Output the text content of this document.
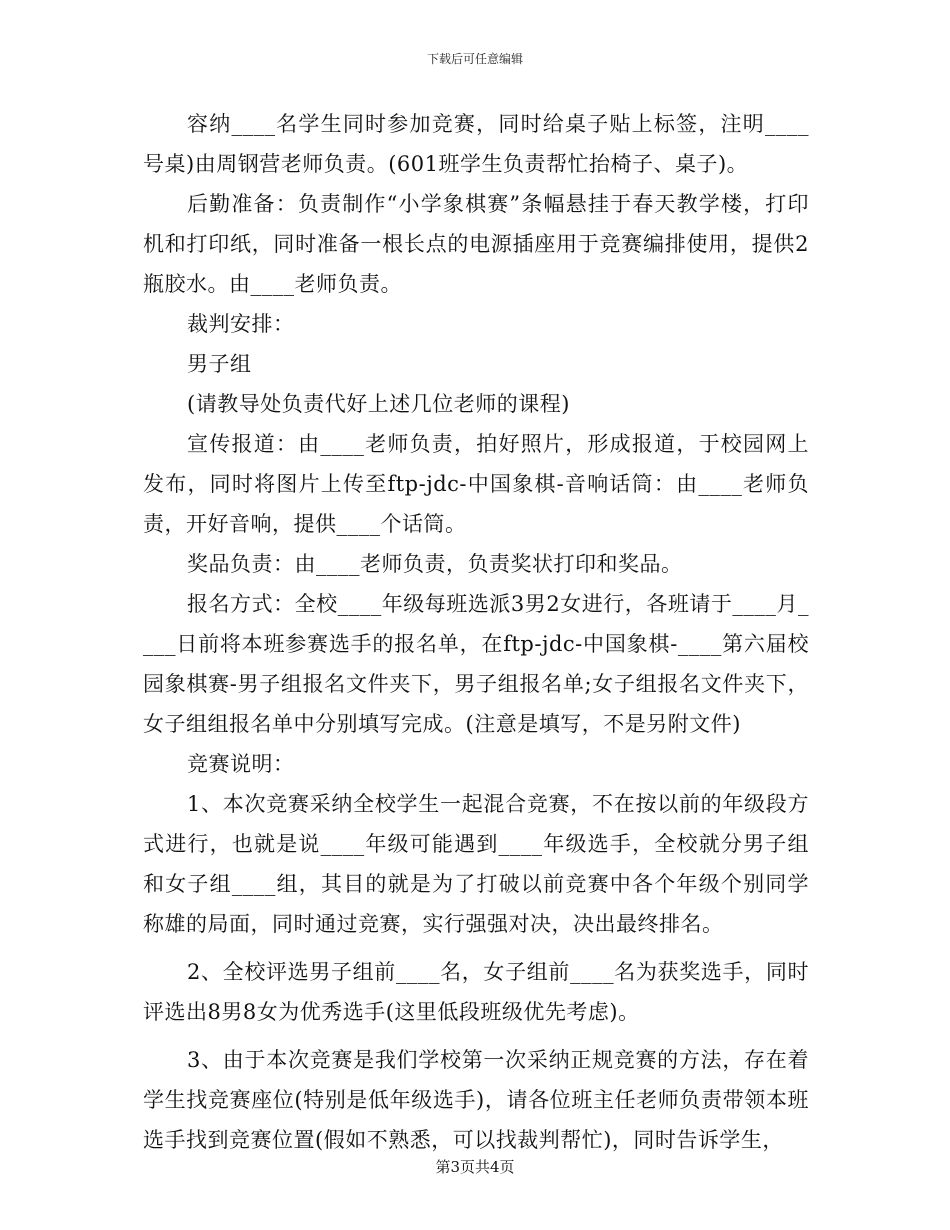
下载后可任意编辑

容纳____名学生同时参加竞赛，同时给桌子贴上标签，注明____号桌)由周钢营老师负责。(601班学生负责帮忙抬椅子、桌子)。

后勤准备：负责制作“小学象棋赛”条幅悬挂于春天教学楼，打印机和打印纸，同时准备一根长点的电源插座用于竞赛编排使用，提供2瓶胶水。由____老师负责。

裁判安排：

男子组

(请教导处负责代好上述几位老师的课程)

宣传报道：由____老师负责，拍好照片，形成报道，于校园网上发布，同时将图片上传至ftp-jdc-中国象棋-音响话筒：由____老师负责，开好音响，提供____个话筒。

奖品负责：由____老师负责，负责奖状打印和奖品。

报名方式：全校____年级每班选派3男2女进行，各班请于____月____日前将本班参赛选手的报名单，在ftp-jdc-中国象棋-____第六届校园象棋赛-男子组报名文件夹下，男子组报名单;女子组报名文件夹下，女子组组报名单中分别填写完成。(注意是填写，不是另附文件)

竞赛说明：

1、本次竞赛采纳全校学生一起混合竞赛，不在按以前的年级段方式进行，也就是说____年级可能遇到____年级选手，全校就分男子组和女子组____组，其目的就是为了打破以前竞赛中各个年级个别同学称雄的局面，同时通过竞赛，实行强强对决，决出最终排名。

2、全校评选男子组前____名，女子组前____名为获奖选手，同时评选出8男8女为优秀选手(这里低段班级优先考虑)。

3、由于本次竞赛是我们学校第一次采纳正规竞赛的方法，存在着学生找竞赛座位(特别是低年级选手)，请各位班主任老师负责带领本班选手找到竞赛位置(假如不熟悉，可以找裁判帮忙)，同时告诉学生，

第3页共4页
